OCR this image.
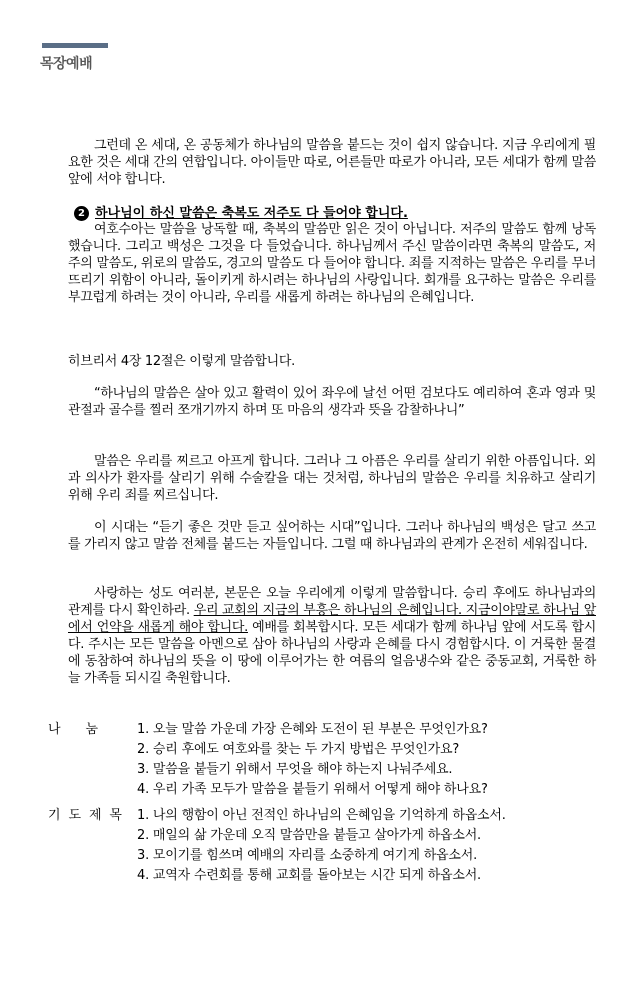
목장예배

그런데 온 세대, 온 공동체가 하나님의 말씀을 붙드는 것이 쉽지 않습니다. 지금 우리에게 필요한 것은 세대 간의 연합입니다. 아이들만 따로, 어른들만 따로가 아니라, 모든 세대가 함께 말씀 앞에 서야 합니다.

2 하나님이 하신 말씀은 축복도 저주도 다 들어야 합니다.

여호수아는 말씀을 낭독할 때, 축복의 말씀만 읽은 것이 아닙니다. 저주의 말씀도 함께 낭독했습니다. 그리고 백성은 그것을 다 들었습니다. 하나님께서 주신 말씀이라면 축복의 말씀도, 저주의 말씀도, 위로의 말씀도, 경고의 말씀도 다 들어야 합니다. 죄를 지적하는 말씀은 우리를 무너뜨리기 위함이 아니라, 돌이키게 하시려는 하나님의 사랑입니다. 회개를 요구하는 말씀은 우리를 부끄럽게 하려는 것이 아니라, 우리를 새롭게 하려는 하나님의 은혜입니다.

히브리서 4장 12절은 이렇게 말씀합니다.

“하나님의 말씀은 살아 있고 활력이 있어 좌우에 날선 어떤 검보다도 예리하여 혼과 영과 및 관절과 골수를 찔러 쪼개기까지 하며 또 마음의 생각과 뜻을 감찰하나니”

말씀은 우리를 찌르고 아프게 합니다. 그러나 그 아픔은 우리를 살리기 위한 아픔입니다. 외과 의사가 환자를 살리기 위해 수술칼을 대는 것처럼, 하나님의 말씀은 우리를 치유하고 살리기 위해 우리 죄를 찌르십니다.

이 시대는 “듣기 좋은 것만 듣고 싶어하는 시대”입니다. 그러나 하나님의 백성은 달고 쓰고를 가리지 않고 말씀 전체를 붙드는 자들입니다. 그럴 때 하나님과의 관계가 온전히 세워집니다.

사랑하는 성도 여러분, 본문은 오늘 우리에게 이렇게 말씀합니다. 승리 후에도 하나님과의 관계를 다시 확인하라. 우리 교회의 지금의 부흥은 하나님의 은혜입니다. 지금이야말로 하나님 앞에서 언약을 새롭게 해야 합니다. 예배를 회복합시다. 모든 세대가 함께 하나님 앞에 서도록 합시다. 주시는 모든 말씀을 아멘으로 삼아 하나님의 사랑과 은혜를 다시 경험합시다. 이 거룩한 물결에 동참하여 하나님의 뜻을 이 땅에 이루어가는 한 여름의 얼음냉수와 같은 중동교회, 거룩한 하늘 가족들 되시길 축원합니다.

나 눔	1. 오늘 말씀 가운데 가장 은혜와 도전이 된 부분은 무엇인가요?
2. 승리 후에도 여호와를 찾는 두 가지 방법은 무엇인가요?
3. 말씀을 붙들기 위해서 무엇을 해야 하는지 나눠주세요.
4. 우리 가족 모두가 말씀을 붙들기 위해서 어떻게 해야 하나요?
기 도 제 목 1. 나의 행함이 아닌 전적인 하나님의 은혜임을 기억하게 하옵소서.
2. 매일의 삶 가운데 오직 말씀만을 붙들고 살아가게 하옵소서.
3. 모이기를 힘쓰며 예배의 자리를 소중하게 여기게 하옵소서.
4. 교역자 수련회를 통해 교회를 돌아보는 시간 되게 하옵소서.
